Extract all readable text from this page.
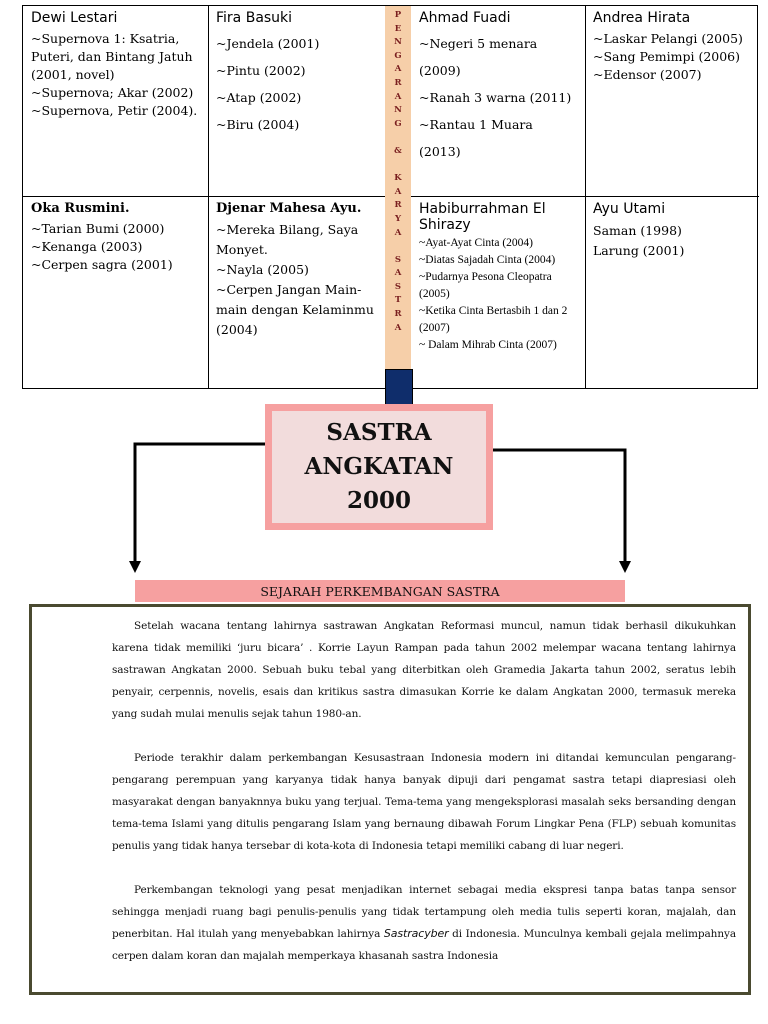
P
E
N
G
A
R
A
N
G
&
K
A
R
Y
A
S
A
S
T
R
A
Dewi Lestari
~Supernova 1: Ksatria, Puteri, dan Bintang Jatuh (2001, novel)
~Supernova; Akar (2002)
~Supernova, Petir (2004).
Fira Basuki
~Jendela (2001)
~Pintu (2002)
~Atap (2002)
~Biru (2004)
Ahmad Fuadi
~Negeri 5 menara (2009)
~Ranah 3 warna (2011)
~Rantau 1 Muara (2013)
Andrea Hirata
~Laskar Pelangi (2005)
~Sang Pemimpi (2006)
~Edensor (2007)
Oka Rusmini.
~Tarian Bumi (2000)
~Kenanga (2003)
~Cerpen sagra (2001)
Djenar Mahesa Ayu.
~Mereka Bilang, Saya Monyet.
~Nayla (2005)
~Cerpen Jangan Main-main dengan Kelaminmu (2004)
Habiburrahman El Shirazy
~Ayat-Ayat Cinta (2004)
~Diatas Sajadah Cinta (2004)
~Pudarnya Pesona Cleopatra (2005)
~Ketika Cinta Bertasbih 1 dan 2 (2007)
~ Dalam Mihrab Cinta (2007)
Ayu Utami
Saman (1998)
Larung (2001)
SASTRA
ANGKATAN
2000
SEJARAH PERKEMBANGAN SASTRA

Setelah wacana tentang lahirnya sastrawan Angkatan Reformasi muncul, namun tidak berhasil dikukuhkan karena tidak memiliki ‘juru bicara’ . Korrie Layun Rampan pada tahun 2002 melempar wacana tentang lahirnya sastrawan Angkatan 2000. Sebuah buku tebal yang diterbitkan oleh Gramedia Jakarta tahun 2002, seratus lebih penyair, cerpennis, novelis, esais dan kritikus sastra dimasukan Korrie ke dalam Angkatan 2000, termasuk mereka yang sudah mulai menulis sejak tahun 1980-an.

Periode terakhir dalam perkembangan Kesusastraan Indonesia modern ini ditandai kemunculan pengarang-pengarang perempuan yang karyanya tidak hanya banyak dipuji dari pengamat sastra tetapi diapresiasi oleh masyarakat dengan banyaknnya buku yang terjual. Tema-tema yang mengeksplorasi masalah seks bersanding dengan tema-tema Islami yang ditulis pengarang Islam yang bernaung dibawah Forum Lingkar Pena (FLP) sebuah komunitas penulis yang tidak hanya tersebar di kota-kota di Indonesia tetapi memiliki cabang di luar negeri.

Perkembangan teknologi yang pesat menjadikan internet sebagai media ekspresi tanpa batas tanpa sensor sehingga menjadi ruang bagi penulis-penulis yang tidak tertampung oleh media tulis seperti koran, majalah, dan penerbitan. Hal itulah yang menyebabkan lahirnya Sastracyber di Indonesia. Munculnya kembali gejala melimpahnya cerpen dalam koran dan majalah memperkaya khasanah sastra Indonesia
